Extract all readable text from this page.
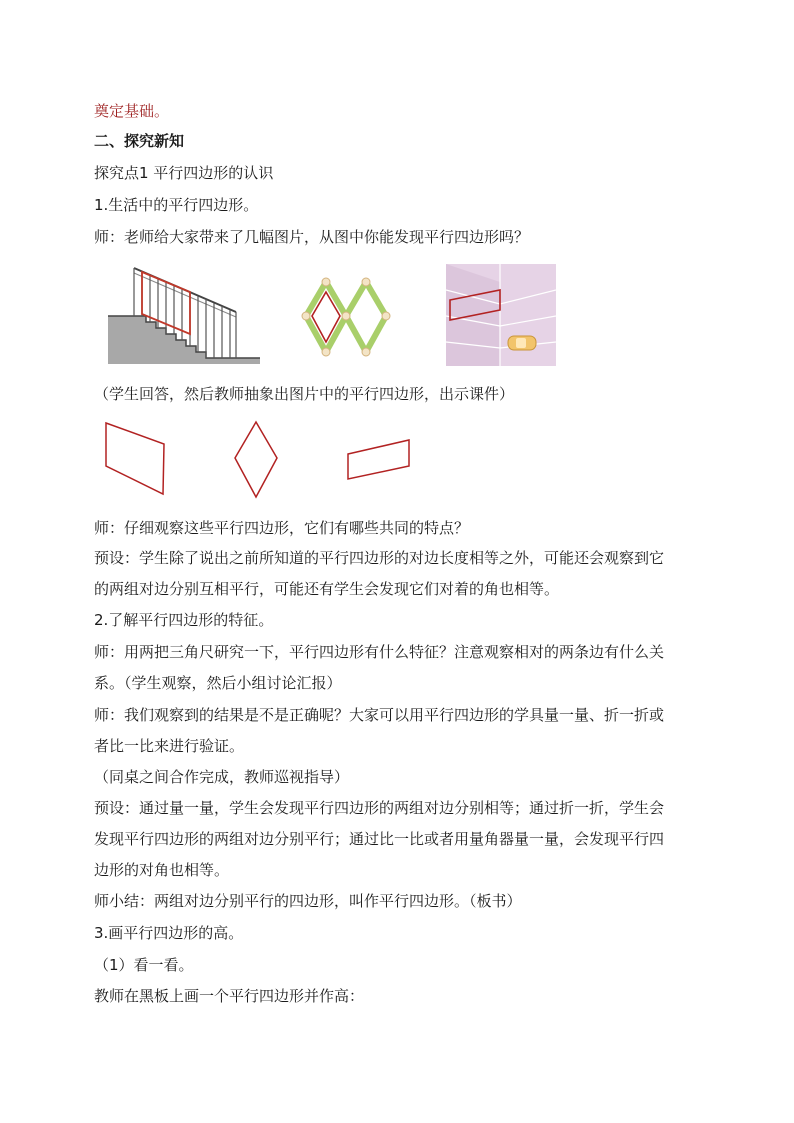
奠定基础。
二、探究新知
探究点1 平行四边形的认识
1.生活中的平行四边形。
师：老师给大家带来了几幅图片，从图中你能发现平行四边形吗？
（学生回答，然后教师抽象出图片中的平行四边形，出示课件）
师：仔细观察这些平行四边形，它们有哪些共同的特点？
预设：学生除了说出之前所知道的平行四边形的对边长度相等之外，可能还会观察到它
的两组对边分别互相平行，可能还有学生会发现它们对着的角也相等。
2.了解平行四边形的特征。
师：用两把三角尺研究一下，平行四边形有什么特征？注意观察相对的两条边有什么关
系。（学生观察，然后小组讨论汇报）
师：我们观察到的结果是不是正确呢？大家可以用平行四边形的学具量一量、折一折或
者比一比来进行验证。
（同桌之间合作完成，教师巡视指导）
预设：通过量一量，学生会发现平行四边形的两组对边分别相等；通过折一折，学生会
发现平行四边形的两组对边分别平行；通过比一比或者用量角器量一量，会发现平行四
边形的对角也相等。
师小结：两组对边分别平行的四边形，叫作平行四边形。（板书）
3.画平行四边形的高。
（1）看一看。
教师在黑板上画一个平行四边形并作高：
